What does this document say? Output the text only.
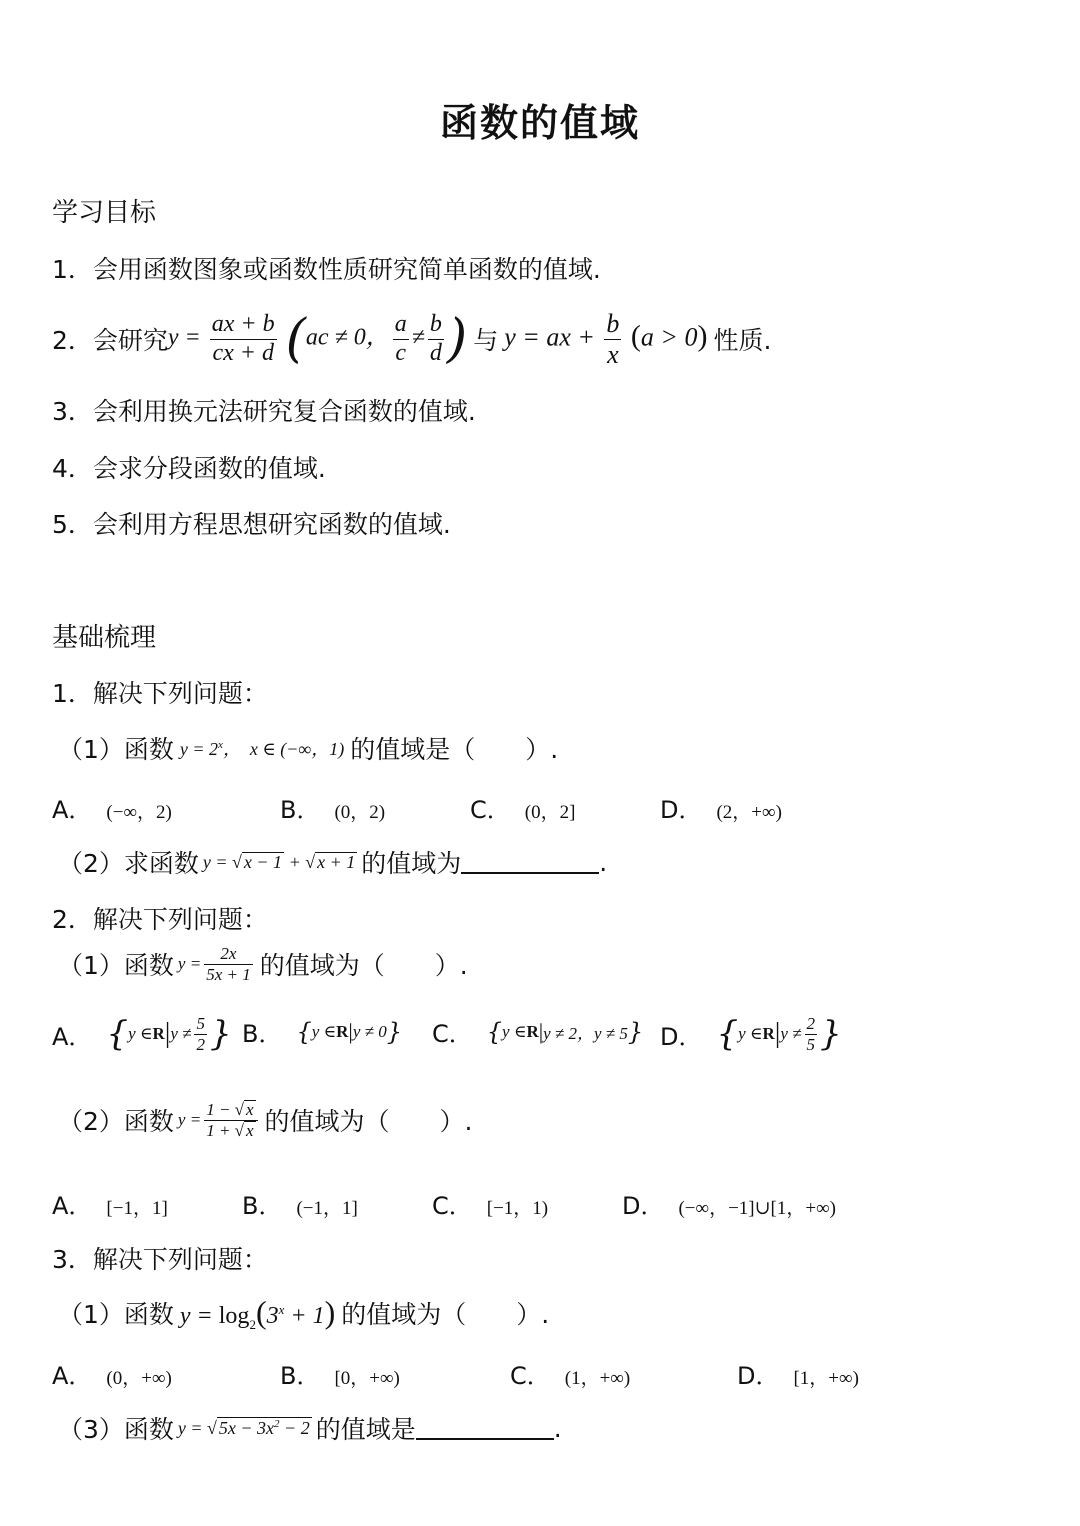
函数的值域
学习目标
1．会用函数图象或函数性质研究简单函数的值域.
2．会研究 $y = \frac{ax + b}{cx + d} (ac \ne 0$， $\frac{a}{c} \ne \frac{b}{d}$ ) 与 y = ax + $\frac{b}{x} (a > 0)$ 性质.
3．会利用换元法研究复合函数的值域.
4．会求分段函数的值域.
5．会利用方程思想研究函数的值域.
基础梳理
1．解决下列问题：
（1）函数 $y = 2^x$，  x ∈ (−∞，1) 的值域是（　　）.
A． (−∞，2)	B． (0，2)	C． (0，2]	D． (2，+∞)
（2）求函数 y = √ x − 1 + √ x + 1 的值域为	.
2．解决下列问题：
（1）函数 $y = \frac{2x}{5x + 1}$ 的值域为（　　）.
A． { y ∈ R | $y \ne \frac{5}{2}$ } B． { y ∈ R | y ≠ 0 } C． { y ∈ R | y ≠ 2，y ≠ 5 } D． { y ∈ R | $y \ne \frac{2}{5}$ }
（2）函数 $y = \frac{1 - √ x}{1 + √ x}$ 的值域为（　　）.
A． [−1，1]	B． (−1，1]	C． [−1，1)	D． (−∞，−1]∪[1，+∞)
3．解决下列问题：
（1）函数 $y = \log_2(3^x + 1)$ 的值域为（　　）.
A． (0，+∞)	B． [0，+∞)	C． (1，+∞)	D． [1，+∞)
（3）函数 y = √ $5x - 3x^2 - 2$ 的值域是	.
